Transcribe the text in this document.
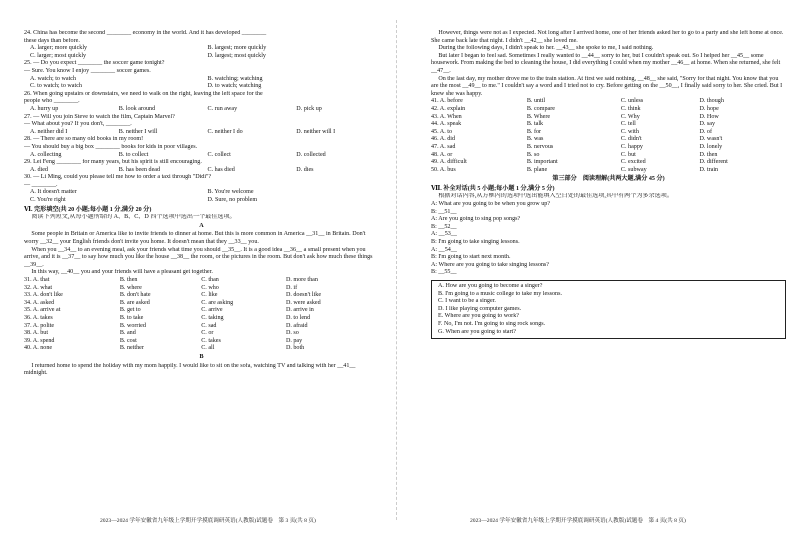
24. China has become the second ________ economy in the world. And it has developed ________

these days than before.

A. larger; more quickly	B. largest; more quickly
C. larger; most quickly	D. largest; most quickly

25. — Do you expect ________ the soccer game tonight?

— Sure. You know I enjoy ________ soccer games.

A. watch; to watch	B. watching; watching
C. to watch; to watch	D. to watch; watching

26. When going upstairs or downstairs, we need to walk on the right, leaving the left space for the

people who ________.

A. hurry up	B. look around	C. run away	D. pick up

27. — Will you join Steve to watch the film, Captain Marvel?

— What about you? If you don't, ________.

A. neither did I	B. neither I will	C. neither I do	D. neither will I

28. — There are so many old books in my room!

— You should buy a big box ________ books for kids in poor villages.

A. collecting	B. to collect	C. collect	D. collected

29. Lei Feng ________ for many years, but his spirit is still encouraging.

A. died	B. has been dead	C. has died	D. dies

30. — Li Ming, could you please tell me how to order a taxi through "Didi"?

— ________.

A. It doesn't matter	B. You're welcome
C. You're right	D. Sure, no problem

Ⅵ. 完形填空(共 20 小题;每小题 1 分,满分 20 分)

阅读下列短文,从每小题所给的 A、B、C、D 四个选项中选出一个最佳选项。

A

Some people in Britain or America like to invite friends to dinner at home. But this is more common in America __31__ in Britain. Don't worry __32__ your English friends don't invite you home. It doesn't mean that they __33__ you.

When you __34__ to an evening meal, ask your friends what time you should __35__. It is a good idea __36__ a small present when you arrive, and it is __37__ to say how much you like the house __38__ the room, or the pictures in the room. But don't ask how much these things __39__.

In this way, __40__ you and your friends will have a pleasant get together.

31. A. that	B. then	C. than	D. more than
32. A. what	B. where	C. who	D. if
33. A. don't like	B. don't hate	C. like	D. doesn't like
34. A. asked	B. are asked	C. are asking	D. were asked
35. A. arrive at	B. get to	C. arrive	D. arrive in
36. A. takes	B. to take	C. taking	D. to lend
37. A. polite	B. worried	C. sad	D. afraid
38. A. but	B. and	C. or	D. so
39. A. spend	B. cost	C. takes	D. pay
40. A. none	B. neither	C. all	D. both

B

I returned home to spend the holiday with my mom happily. I would like to sit on the sofa, watching TV and talking with her __41__ midnight.

2023—2024 学年安徽省九年级上学期开学摸底调研英语(人教版)试题卷　第 3 页(共 8 页)

However, things were not as I expected. Not long after I arrived home, one of her friends asked her to go to a party and she left home at once. She came back late that night. I didn't __42__ she loved me.

During the following days, I didn't speak to her. __43__ she spoke to me, I said nothing.

But later I began to feel sad. Sometimes I really wanted to __44__ sorry to her, but I couldn't speak out. So I helped her __45__ some housework. From making the bed to cleaning the house, I did everything I could when my mother __46__ at home. When she returned, she felt __47__.

On the last day, my mother drove me to the train station. At first we said nothing, __48__ she said, "Sorry for that night. You know that you are the most __49__ to me." I couldn't say a word and I tried not to cry. Before getting on the __50__, I finally said sorry to her. She cried. But I knew she was happy.

41. A. before	B. until	C. unless	D. though
42. A. explain	B. compare	C. think	D. hope
43. A. When	B. Where	C. Why	D. How
44. A. speak	B. talk	C. tell	D. say
45. A. to	B. for	C. with	D. of
46. A. did	B. was	C. didn't	D. wasn't
47. A. sad	B. nervous	C. happy	D. lonely
48. A. or	B. so	C. but	D. then
49. A. difficult	B. important	C. excited	D. different
50. A. bus	B. plane	C. subway	D. train

第三部分　阅读理解(共两大题,满分 45 分)

Ⅶ. 补全对话(共 5 小题;每小题 1 分,满分 5 分)

根据对话内容,从方框内的选项中选出能填入空白处的最佳选项,其中有两个为多余选项。

A: What are you going to be when you grow up?

B: __51__

A: Are you going to sing pop songs?

B: __52__

A: __53__

B: I'm going to take singing lessons.

A: __54__

B: I'm going to start next month.

A: Where are you going to take singing lessons?

B: __55__

A. How are you going to become a singer?

B. I'm going to a music college to take my lessons.

C. I want to be a singer.

D. I like playing computer games.

E. Where are you going to work?

F. No, I'm not. I'm going to sing rock songs.

G. When are you going to start?

2023—2024 学年安徽省九年级上学期开学摸底调研英语(人教版)试题卷　第 4 页(共 8 页)
